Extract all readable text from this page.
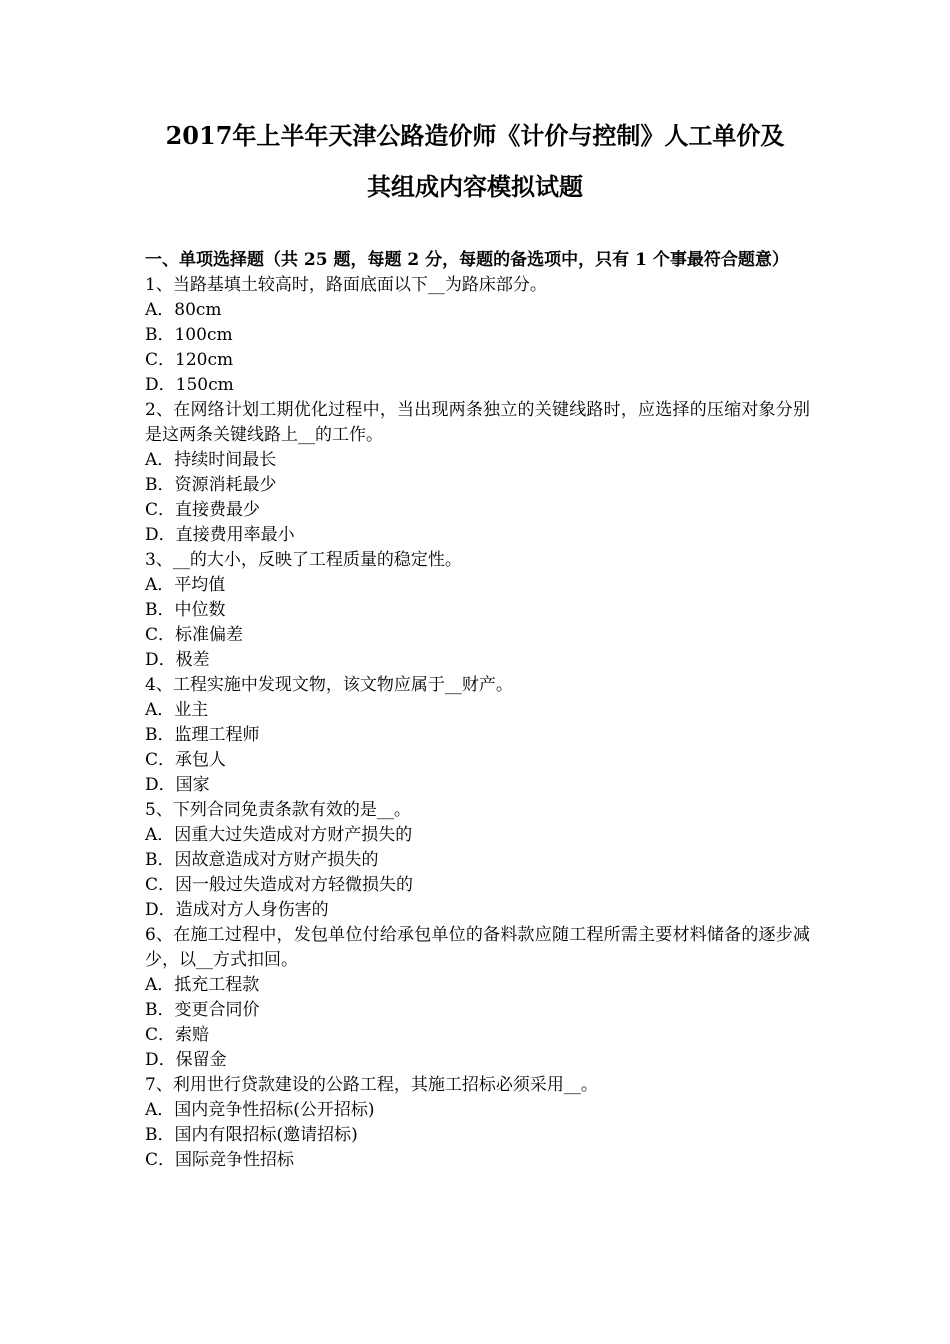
2017年上半年天津公路造价师《计价与控制》人工单价及
其组成内容模拟试题

一、单项选择题（共 25 题，每题 2 分，每题的备选项中，只有 1 个事最符合题意）

1、当路基填土较高时，路面底面以下__为路床部分。

A．80cm

B．100cm

C．120cm

D．150cm

2、在网络计划工期优化过程中，当出现两条独立的关键线路时，应选择的压缩对象分别是这两条关键线路上__的工作。

A．持续时间最长

B．资源消耗最少

C．直接费最少

D．直接费用率最小

3、__的大小，反映了工程质量的稳定性。

A．平均值

B．中位数

C．标准偏差

D．极差

4、工程实施中发现文物，该文物应属于__财产。

A．业主

B．监理工程师

C．承包人

D．国家

5、下列合同免责条款有效的是__。

A．因重大过失造成对方财产损失的

B．因故意造成对方财产损失的

C．因一般过失造成对方轻微损失的

D．造成对方人身伤害的

6、在施工过程中，发包单位付给承包单位的备料款应随工程所需主要材料储备的逐步减少，以__方式扣回。

A．抵充工程款

B．变更合同价

C．索赔

D．保留金

7、利用世行贷款建设的公路工程，其施工招标必须采用__。

A．国内竞争性招标(公开招标)

B．国内有限招标(邀请招标)

C．国际竞争性招标
